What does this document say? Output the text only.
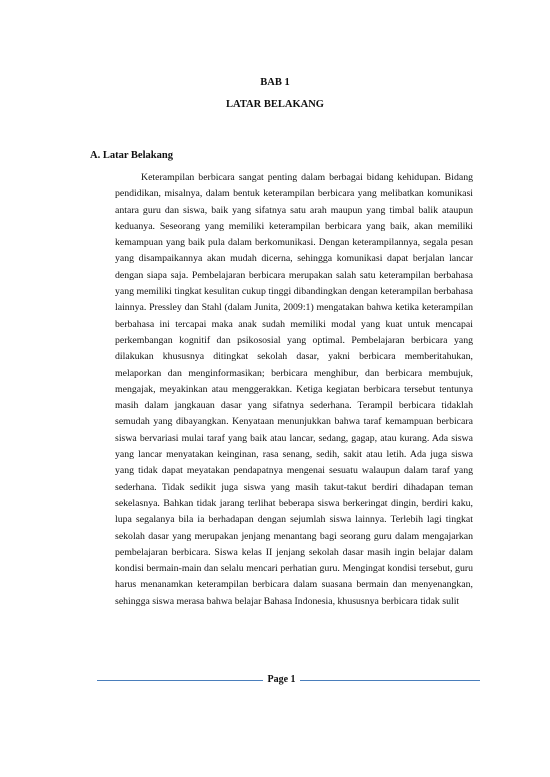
BAB 1
LATAR BELAKANG
A. Latar Belakang

Keterampilan berbicara sangat penting dalam berbagai bidang kehidupan. Bidang pendidikan, misalnya, dalam bentuk keterampilan berbicara yang melibatkan komunikasi antara guru dan siswa, baik yang sifatnya satu arah maupun yang timbal balik ataupun keduanya. Seseorang yang memiliki keterampilan berbicara yang baik, akan memiliki kemampuan yang baik pula dalam berkomunikasi. Dengan keterampilannya, segala pesan yang disampaikannya akan mudah dicerna, sehingga komunikasi dapat berjalan lancar dengan siapa saja. Pembelajaran berbicara merupakan salah satu keterampilan berbahasa yang memiliki tingkat kesulitan cukup tinggi dibandingkan dengan keterampilan berbahasa lainnya. Pressley dan Stahl (dalam Junita, 2009:1) mengatakan bahwa ketika keterampilan berbahasa ini tercapai maka anak sudah memiliki modal yang kuat untuk mencapai perkembangan kognitif dan psikososial yang optimal. Pembelajaran berbicara yang dilakukan khususnya ditingkat sekolah dasar, yakni berbicara memberitahukan, melaporkan dan menginformasikan; berbicara menghibur, dan berbicara membujuk, mengajak, meyakinkan atau menggerakkan. Ketiga kegiatan berbicara tersebut tentunya masih dalam jangkauan dasar yang sifatnya sederhana. Terampil berbicara tidaklah semudah yang dibayangkan. Kenyataan menunjukkan bahwa taraf kemampuan berbicara siswa bervariasi mulai taraf yang baik atau lancar, sedang, gagap, atau kurang. Ada siswa yang lancar menyatakan keinginan, rasa senang, sedih, sakit atau letih. Ada juga siswa yang tidak dapat meyatakan pendapatnya mengenai sesuatu walaupun dalam taraf yang sederhana. Tidak sedikit juga siswa yang masih takut-takut berdiri dihadapan teman sekelasnya. Bahkan tidak jarang terlihat beberapa siswa berkeringat dingin, berdiri kaku, lupa segalanya bila ia berhadapan dengan sejumlah siswa lainnya. Terlebih lagi tingkat sekolah dasar yang merupakan jenjang menantang bagi seorang guru dalam mengajarkan pembelajaran berbicara. Siswa kelas II jenjang sekolah dasar masih ingin belajar dalam kondisi bermain-main dan selalu mencari perhatian guru. Mengingat kondisi tersebut, guru harus menanamkan keterampilan berbicara dalam suasana bermain dan menyenangkan, sehingga siswa merasa bahwa belajar Bahasa Indonesia, khususnya berbicara tidak sulit

Page 1
